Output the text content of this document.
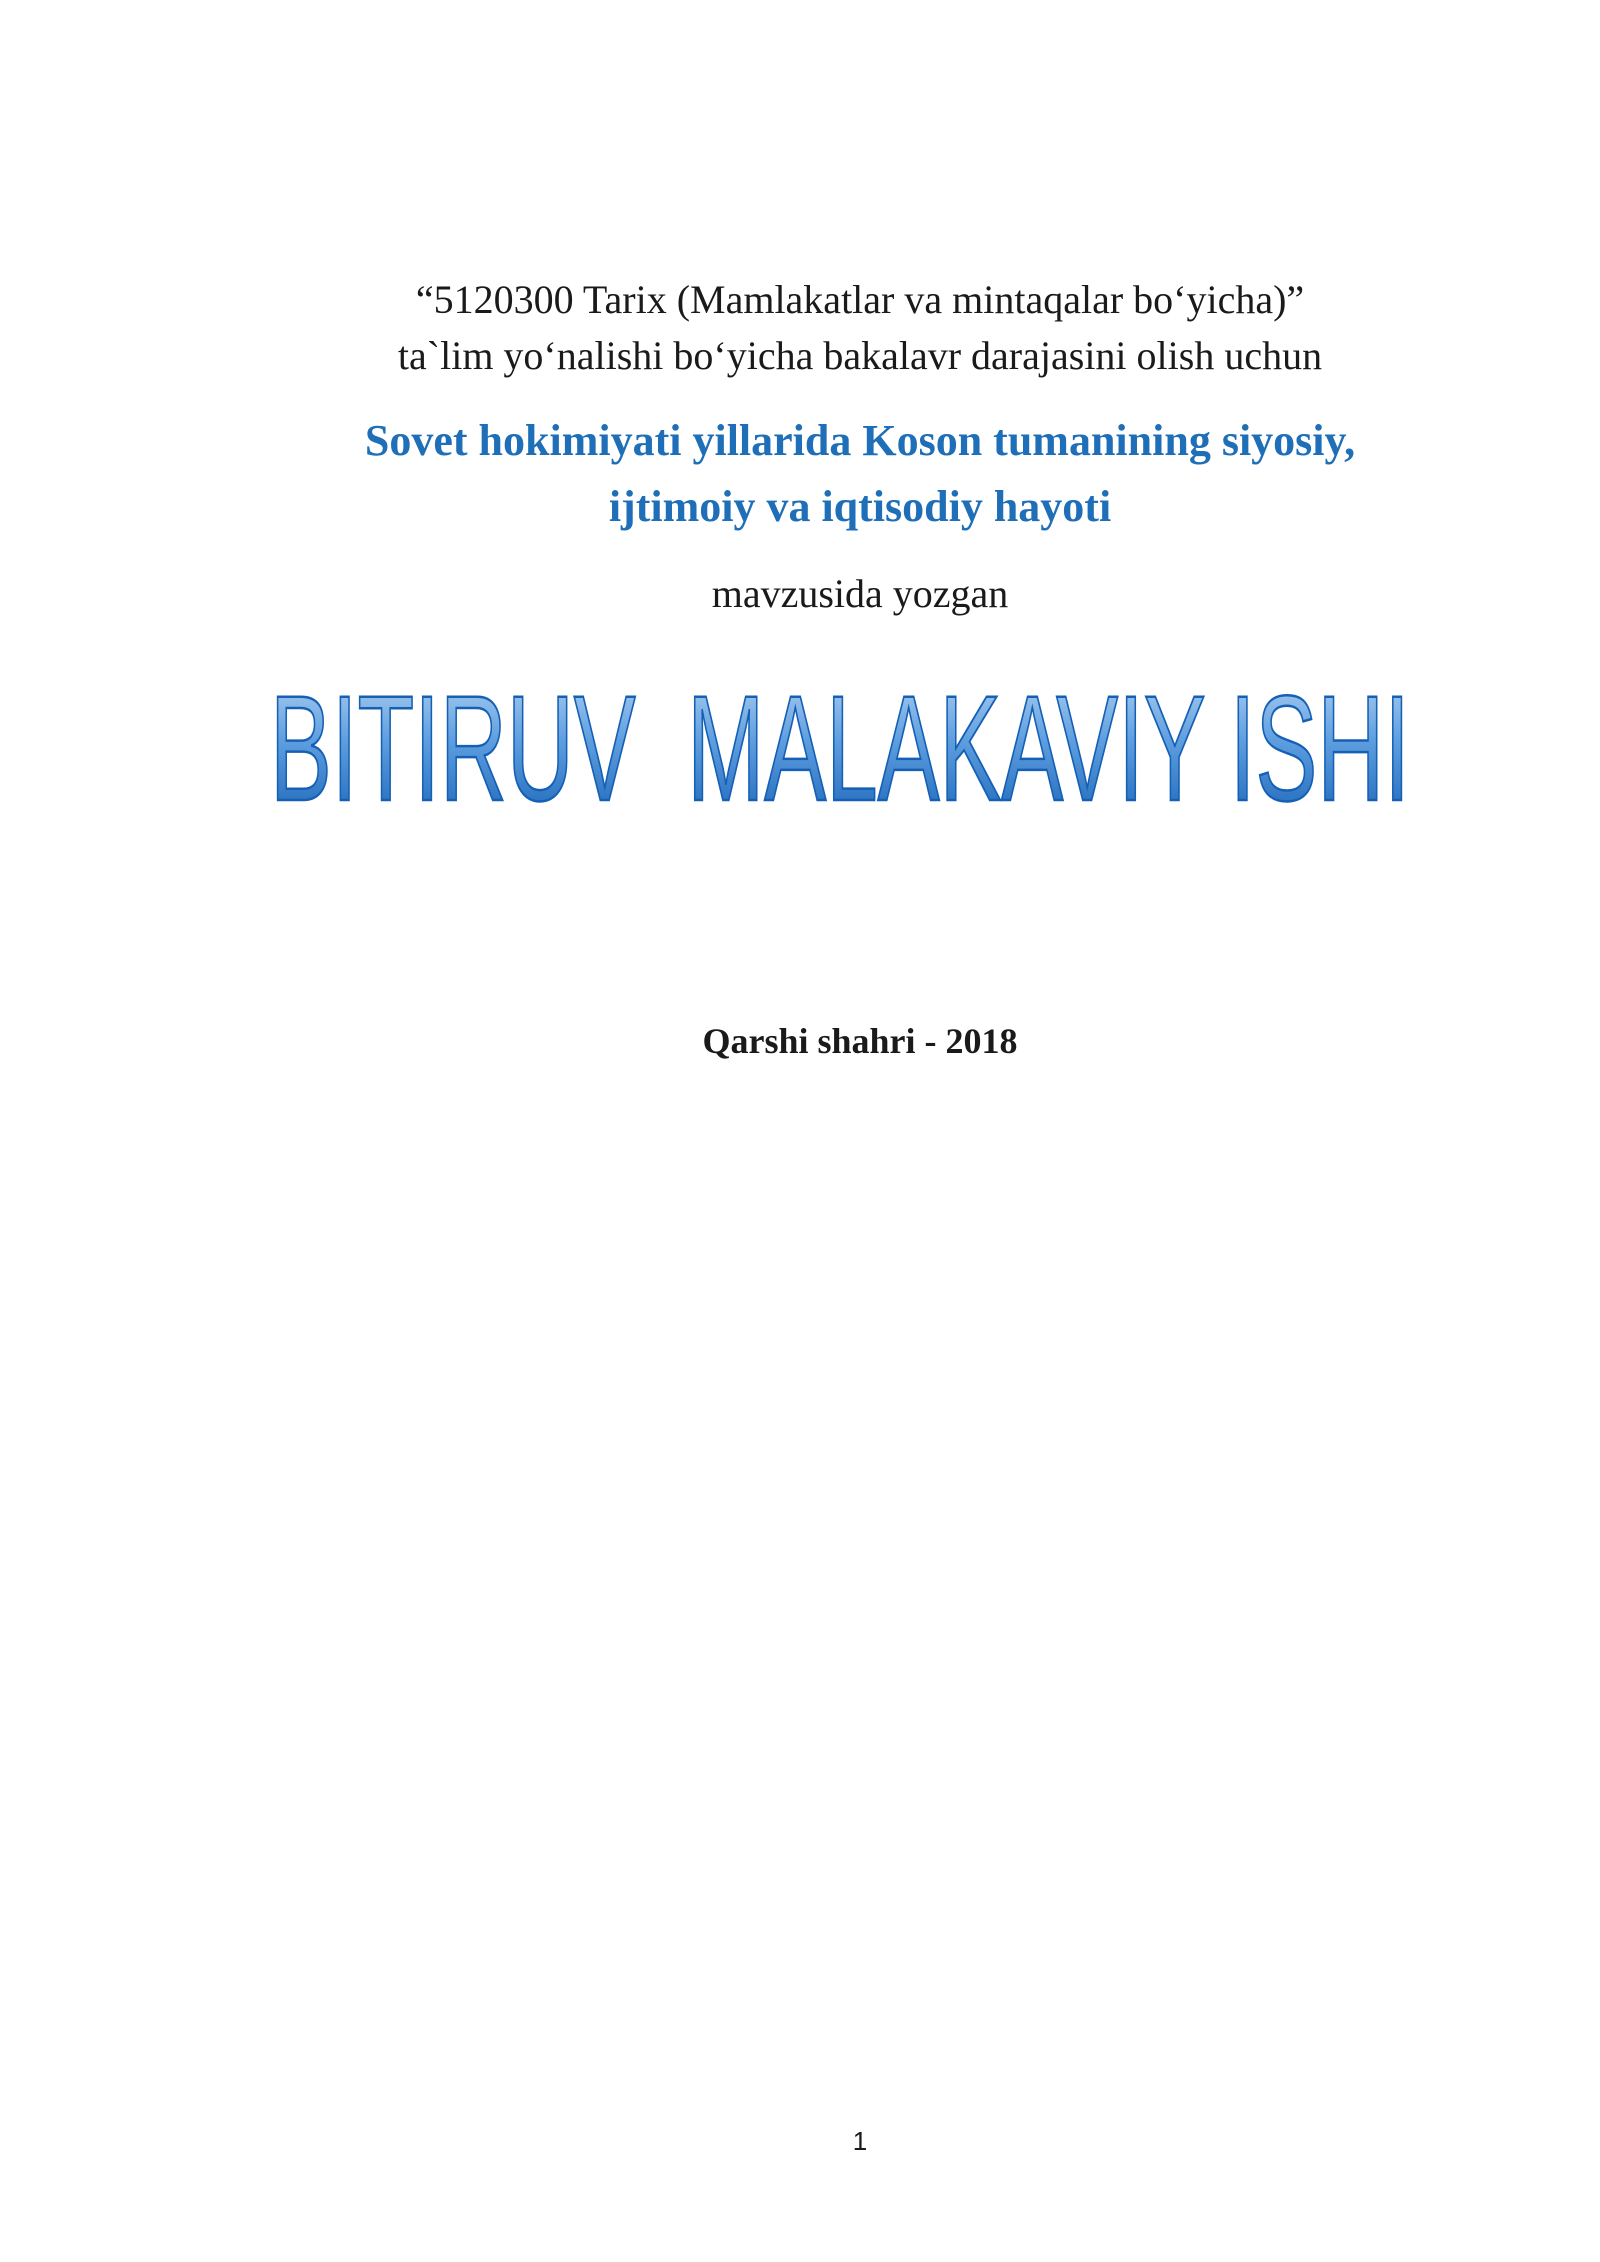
“5120300 Tarix (Mamlakatlar va mintaqalar bo‘yicha)”
ta`lim yo‘nalishi bo‘yicha bakalavr darajasini olish uchun
Sovet hokimiyati yillarida Koson tumanining siyosiy,
ijtimoiy va iqtisodiy hayoti
mavzusida yozgan
BITIRUV  MALAKAVIY ISHI
Qarshi shahri - 2018
1
